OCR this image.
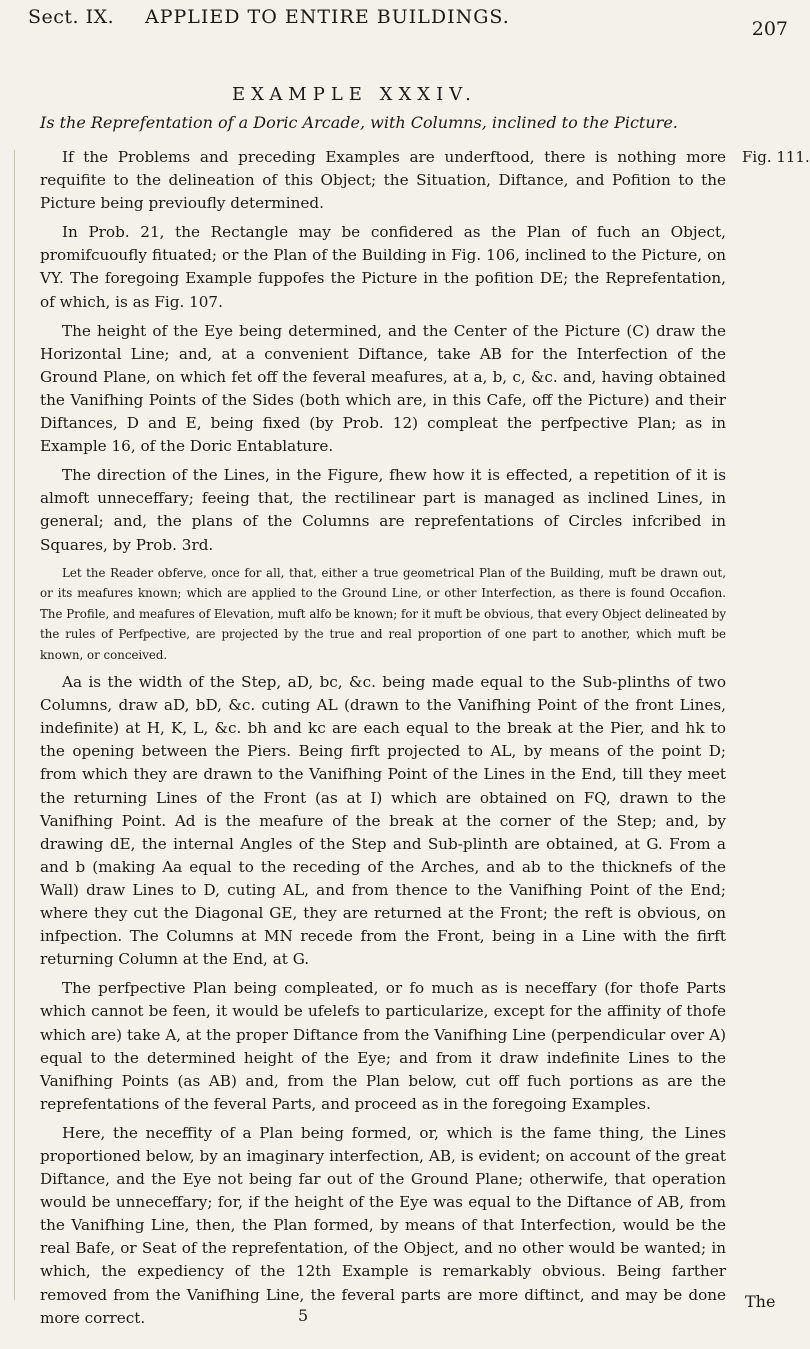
Sect. IX. APPLIED TO ENTIRE BUILDINGS.
207
EXAMPLE XXXIV.
Is the Reprefentation of a Doric Arcade, with Columns, inclined to the Picture.
Fig. 111.

If the Problems and preceding Examples are underftood, there is nothing more requifite to the delineation of this Object; the Situation, Diftance, and Pofition to the Picture being previoufly determined.

In Prob. 21, the Rectangle may be confidered as the Plan of fuch an Object, promifcuoufly fituated; or the Plan of the Building in Fig. 106, inclined to the Picture, on VY. The foregoing Example fuppofes the Picture in the pofition DE; the Reprefentation, of which, is as Fig. 107.

The height of the Eye being determined, and the Center of the Picture (C) draw the Horizontal Line; and, at a convenient Diftance, take AB for the Interfection of the Ground Plane, on which fet off the feveral meafures, at a, b, c, &c. and, having obtained the Vanifhing Points of the Sides (both which are, in this Cafe, off the Picture) and their Diftances, D and E, being fixed (by Prob. 12) compleat the perfpective Plan; as in Example 16, of the Doric Entablature.

The direction of the Lines, in the Figure, fhew how it is effected, a repetition of it is almoft unneceffary; feeing that, the rectilinear part is managed as inclined Lines, in general; and, the plans of the Columns are reprefentations of Circles infcribed in Squares, by Prob. 3rd.

Let the Reader obferve, once for all, that, either a true geometrical Plan of the Building, muft be drawn out, or its meafures known; which are applied to the Ground Line, or other Interfection, as there is found Occafion. The Profile, and meafures of Elevation, muft alfo be known; for it muft be obvious, that every Object delineated by the rules of Perfpective, are projected by the true and real proportion of one part to another, which muft be known, or conceived.

Aa is the width of the Step, aD, bc, &c. being made equal to the Sub-plinths of two Columns, draw aD, bD, &c. cuting AL (drawn to the Vanifhing Point of the front Lines, indefinite) at H, K, L, &c. bh and kc are each equal to the break at the Pier, and hk to the opening between the Piers. Being firft projected to AL, by means of the point D; from which they are drawn to the Vanifhing Point of the Lines in the End, till they meet the returning Lines of the Front (as at I) which are obtained on FQ, drawn to the Vanifhing Point. Ad is the meafure of the break at the corner of the Step; and, by drawing dE, the internal Angles of the Step and Sub-plinth are obtained, at G. From a and b (making Aa equal to the receding of the Arches, and ab to the thicknefs of the Wall) draw Lines to D, cuting AL, and from thence to the Vanifhing Point of the End; where they cut the Diagonal GE, they are returned at the Front; the reft is obvious, on infpection. The Columns at MN recede from the Front, being in a Line with the firft returning Column at the End, at G.

The perfpective Plan being compleated, or fo much as is neceffary (for thofe Parts which cannot be feen, it would be ufelefs to particularize, except for the affinity of thofe which are) take A, at the proper Diftance from the Vanifhing Line (perpendicular over A) equal to the determined height of the Eye; and from it draw indefinite Lines to the Vanifhing Points (as AB) and, from the Plan below, cut off fuch portions as are the reprefentations of the feveral Parts, and proceed as in the foregoing Examples.

Here, the neceffity of a Plan being formed, or, which is the fame thing, the Lines proportioned below, by an imaginary interfection, AB, is evident; on account of the great Diftance, and the Eye not being far out of the Ground Plane; otherwife, that operation would be unneceffary; for, if the height of the Eye was equal to the Diftance of AB, from the Vanifhing Line, then, the Plan formed, by means of that Interfection, would be the real Bafe, or Seat of the reprefentation, of the Object, and no other would be wanted; in which, the expediency of the 12th Example is remarkably obvious. Being farther removed from the Vanifhing Line, the feveral parts are more diftinct, and may be done more correct.	5
The
